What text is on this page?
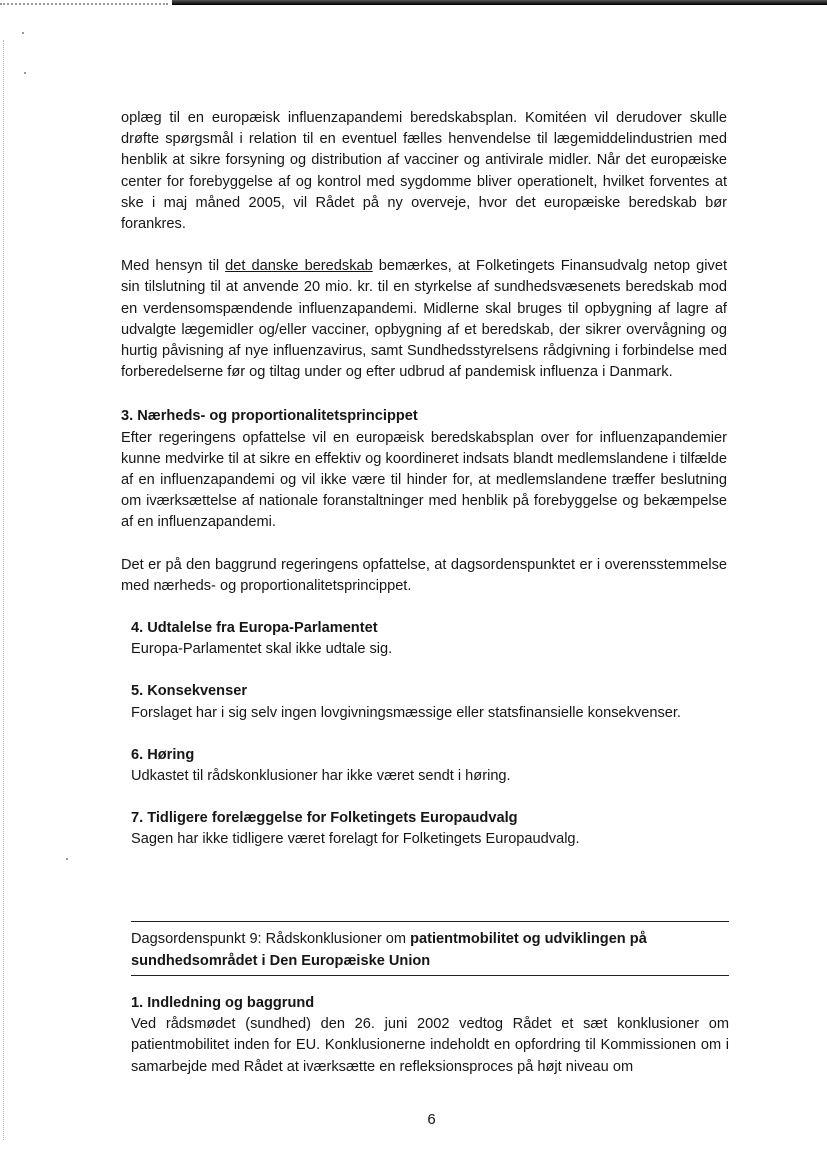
oplæg til en europæisk influenzapandemi beredskabsplan. Komitéen vil derudover skulle drøfte spørgsmål i relation til en eventuel fælles henvendelse til lægemiddelindustrien med henblik at sikre forsyning og distribution af vacciner og antivirale midler. Når det europæiske center for forebyggelse af og kontrol med sygdomme bliver operationelt, hvilket forventes at ske i maj måned 2005, vil Rådet på ny overveje, hvor det europæiske beredskab bør forankres.

Med hensyn til det danske beredskab bemærkes, at Folketingets Finansudvalg netop givet sin tilslutning til at anvende 20 mio. kr. til en styrkelse af sundhedsvæsenets beredskab mod en verdensomspændende influenzapandemi. Midlerne skal bruges til opbygning af lagre af udvalgte lægemidler og/eller vacciner, opbygning af et beredskab, der sikrer overvågning og hurtig påvisning af nye influenzavirus, samt Sundhedsstyrelsens rådgivning i forbindelse med forberedelserne før og tiltag under og efter udbrud af pandemisk influenza i Danmark.

3. Nærheds- og proportionalitetsprincippet

Efter regeringens opfattelse vil en europæisk beredskabsplan over for influenzapandemier kunne medvirke til at sikre en effektiv og koordineret indsats blandt medlemslandene i tilfælde af en influenzapandemi og vil ikke være til hinder for, at medlemslandene træffer beslutning om iværksættelse af nationale foranstaltninger med henblik på forebyggelse og bekæmpelse af en influenzapandemi.

Det er på den baggrund regeringens opfattelse, at dagsordenspunktet er i overensstemmelse med nærheds- og proportionalitetsprincippet.

4. Udtalelse fra Europa-Parlamentet

Europa-Parlamentet skal ikke udtale sig.

5. Konsekvenser

Forslaget har i sig selv ingen lovgivningsmæssige eller statsfinansielle konsekvenser.

6. Høring

Udkastet til rådskonklusioner har ikke været sendt i høring.

7. Tidligere forelæggelse for Folketingets Europaudvalg

Sagen har ikke tidligere været forelagt for Folketingets Europaudvalg.

Dagsordenspunkt 9: Rådskonklusioner om patientmobilitet og udviklingen på sundhedsområdet i Den Europæiske Union
1. Indledning og baggrund

Ved rådsmødet (sundhed) den 26. juni 2002 vedtog Rådet et sæt konklusioner om patientmobilitet inden for EU. Konklusionerne indeholdt en opfordring til Kommissionen om i samarbejde med Rådet at iværksætte en refleksionsproces på højt niveau om

6
